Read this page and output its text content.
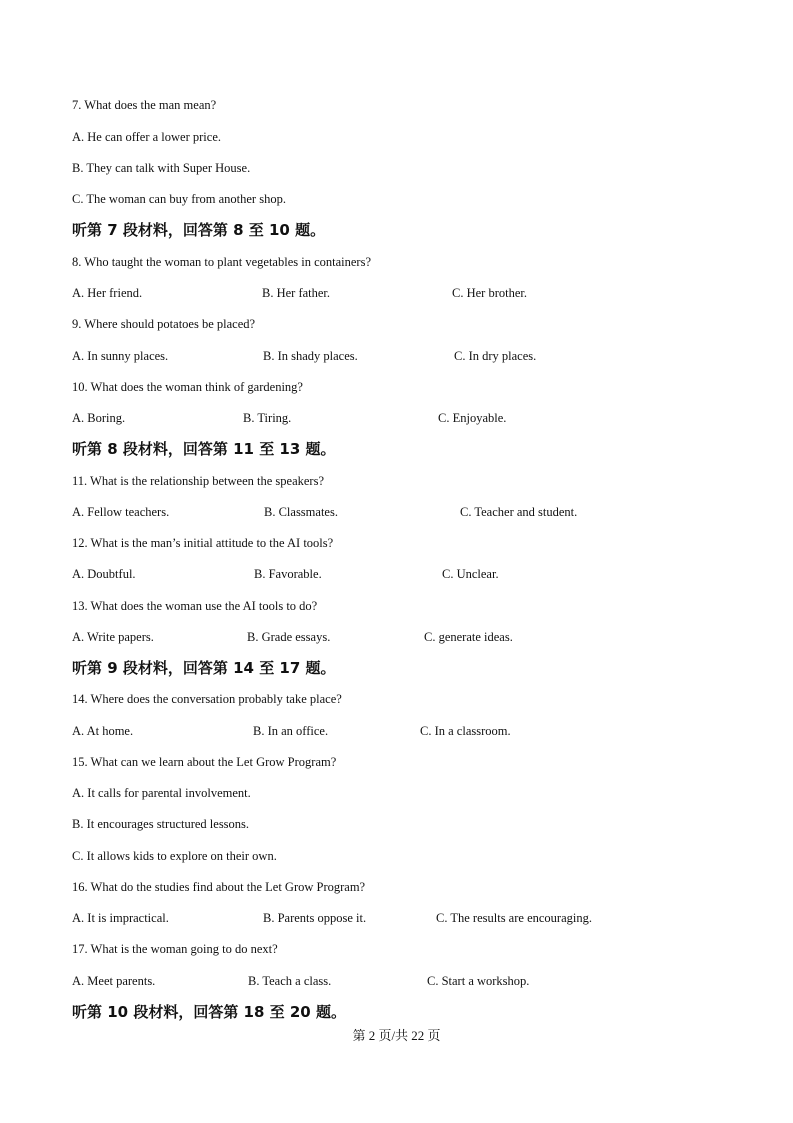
7. What does the man mean?
A. He can offer a lower price.
B. They can talk with Super House.
C. The woman can buy from another shop.
听第 7 段材料，回答第 8 至 10 题。
8. Who taught the woman to plant vegetables in containers?
A. Her friend.	B. Her father.	C. Her brother.
9. Where should potatoes be placed?
A. In sunny places.	B. In shady places.	C. In dry places.
10. What does the woman think of gardening?
A. Boring.	B. Tiring.	C. Enjoyable.
听第 8 段材料，回答第 11 至 13 题。
11. What is the relationship between the speakers?
A. Fellow teachers.	B. Classmates.	C. Teacher and student.
12. What is the man’s initial attitude to the AI tools?
A. Doubtful.	B. Favorable.	C. Unclear.
13. What does the woman use the AI tools to do?
A. Write papers.	B. Grade essays.	C. generate ideas.
听第 9 段材料，回答第 14 至 17 题。
14. Where does the conversation probably take place?
A. At home.	B. In an office.	C. In a classroom.
15. What can we learn about the Let Grow Program?
A. It calls for parental involvement.
B. It encourages structured lessons.
C. It allows kids to explore on their own.
16. What do the studies find about the Let Grow Program?
A. It is impractical.	B. Parents oppose it.	C. The results are encouraging.
17. What is the woman going to do next?
A. Meet parents.	B. Teach a class.	C. Start a workshop.
听第 10 段材料，回答第 18 至 20 题。
第 2 页/共 22 页
